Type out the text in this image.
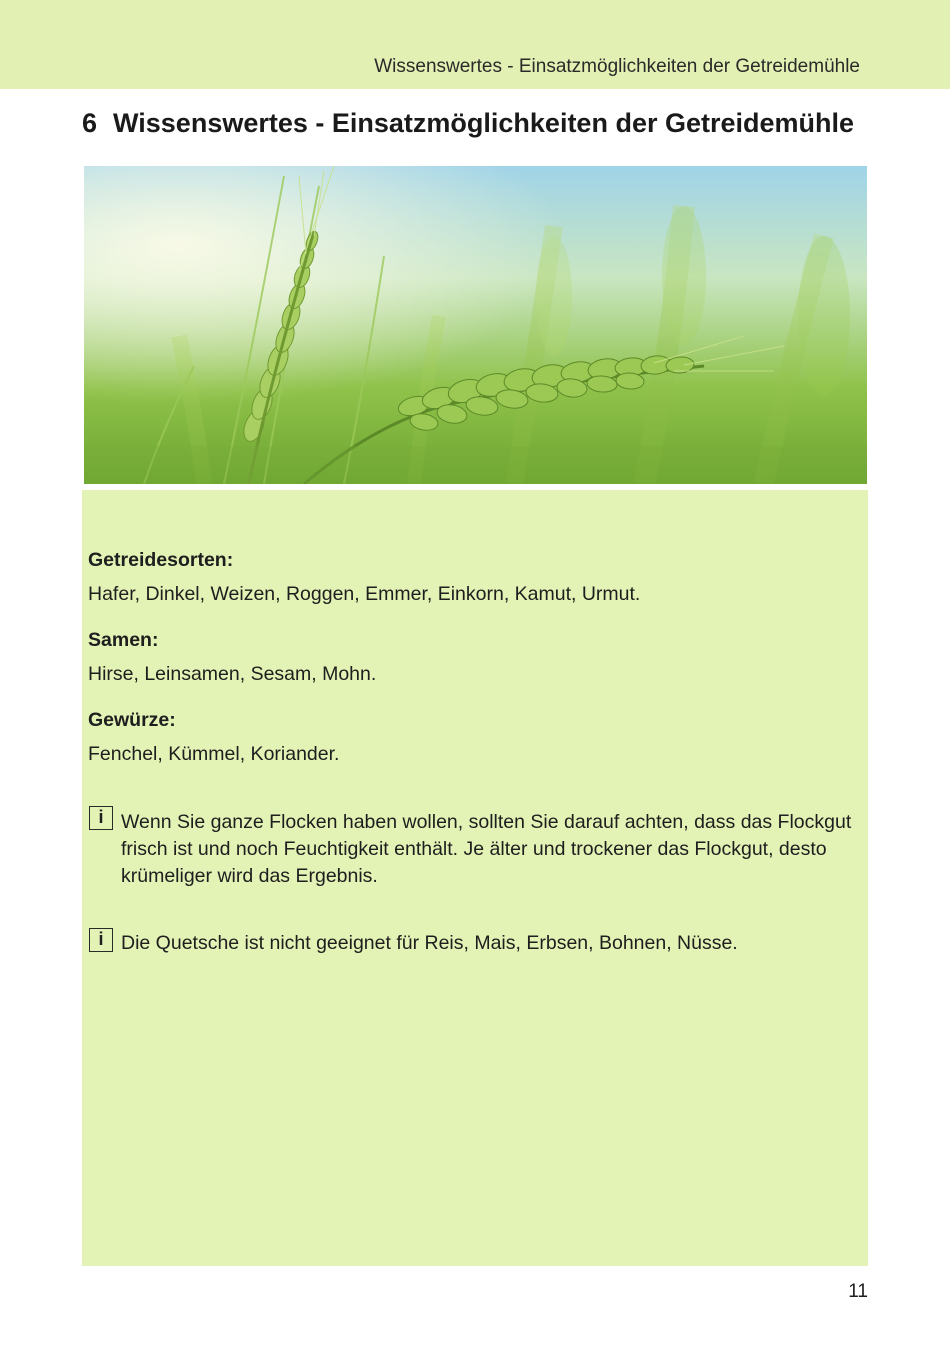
Wissenswertes - Einsatzmöglichkeiten der Getreidemühle
6 Wissenswertes - Einsatzmöglichkeiten der Getreidemühle
Getreidesorten:
Hafer, Dinkel, Weizen, Roggen, Emmer, Einkorn, Kamut, Urmut.
Samen:
Hirse, Leinsamen, Sesam, Mohn.
Gewürze:
Fenchel, Kümmel, Koriander.
i Wenn Sie ganze Flocken haben wollen, sollten Sie darauf achten, dass das Flockgut frisch ist und noch Feuchtigkeit enthält. Je älter und trockener das Flockgut, desto krümeliger wird das Ergebnis.
i Die Quetsche ist nicht geeignet für Reis, Mais, Erbsen, Bohnen, Nüsse.
11
